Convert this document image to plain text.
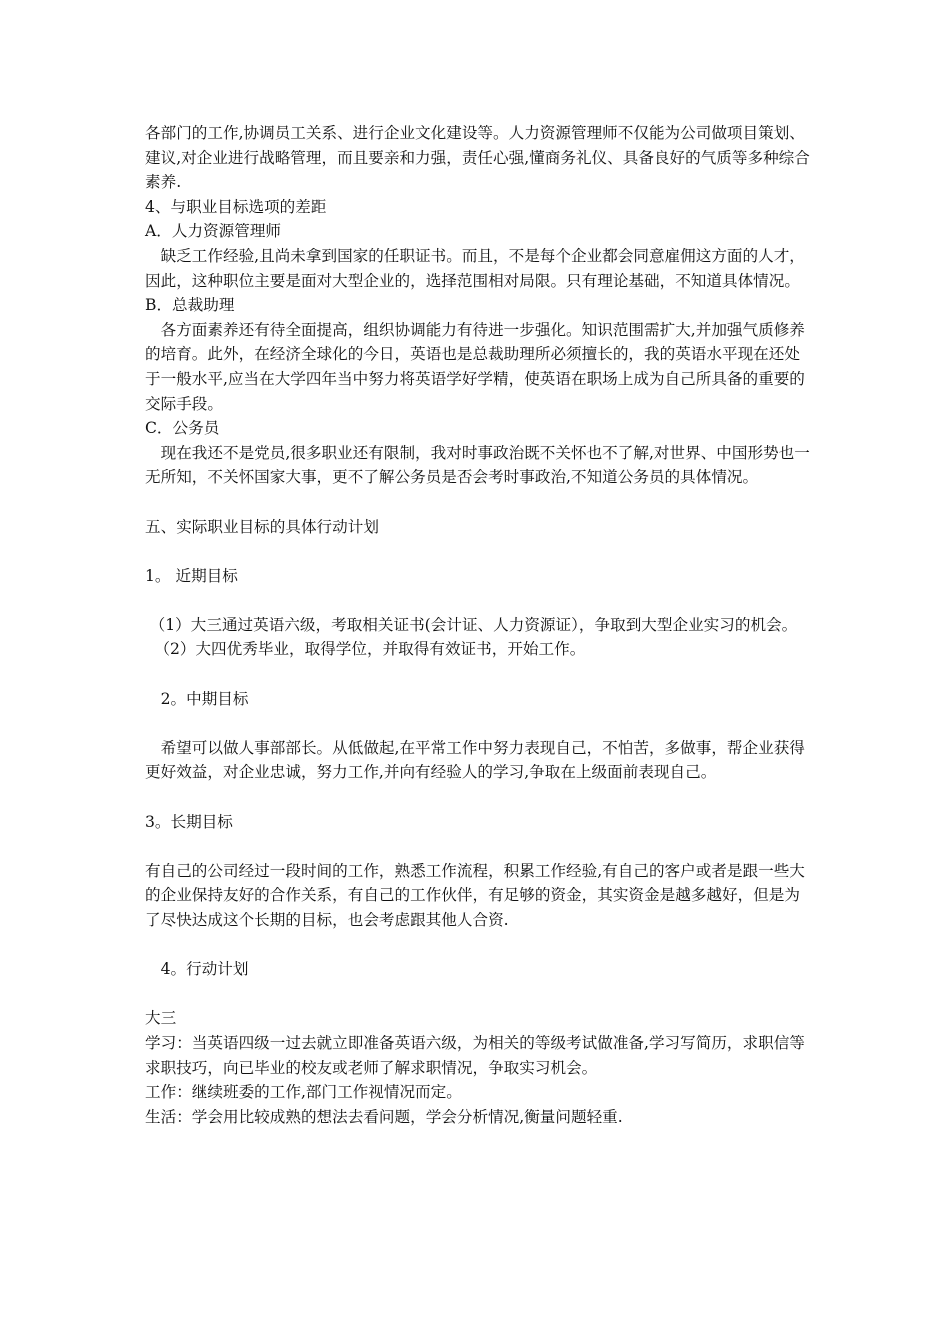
各部门的工作,协调员工关系、进行企业文化建设等。人力资源管理师不仅能为公司做项目策划、建议,对企业进行战略管理，而且要亲和力强，责任心强,懂商务礼仪、具备良好的气质等多种综合素养.

4、与职业目标选项的差距

A．人力资源管理师

缺乏工作经验,且尚未拿到国家的任职证书。而且，不是每个企业都会同意雇佣这方面的人才，因此，这种职位主要是面对大型企业的，选择范围相对局限。只有理论基础，不知道具体情况。

B．总裁助理

各方面素养还有待全面提高，组织协调能力有待进一步强化。知识范围需扩大,并加强气质修养的培育。此外，在经济全球化的今日，英语也是总裁助理所必须擅长的，我的英语水平现在还处于一般水平,应当在大学四年当中努力将英语学好学精，使英语在职场上成为自己所具备的重要的交际手段。

C．公务员

现在我还不是党员,很多职业还有限制，我对时事政治既不关怀也不了解,对世界、中国形势也一无所知，不关怀国家大事，更不了解公务员是否会考时事政治,不知道公务员的具体情况。

五、实际职业目标的具体行动计划

1。 近期目标

（1）大三通过英语六级，考取相关证书(会计证、人力资源证），争取到大型企业实习的机会。

（2）大四优秀毕业，取得学位，并取得有效证书，开始工作。

2。中期目标

希望可以做人事部部长。从低做起,在平常工作中努力表现自己，不怕苦，多做事，帮企业获得更好效益，对企业忠诚，努力工作,并向有经验人的学习,争取在上级面前表现自己。

3。长期目标

有自己的公司经过一段时间的工作，熟悉工作流程，积累工作经验,有自己的客户或者是跟一些大的企业保持友好的合作关系，有自己的工作伙伴，有足够的资金，其实资金是越多越好，但是为了尽快达成这个长期的目标，也会考虑跟其他人合资.

4。行动计划

大三

学习：当英语四级一过去就立即准备英语六级，为相关的等级考试做准备,学习写简历，求职信等求职技巧，向已毕业的校友或老师了解求职情况，争取实习机会。

工作：继续班委的工作,部门工作视情况而定。

生活：学会用比较成熟的想法去看问题，学会分析情况,衡量问题轻重.
